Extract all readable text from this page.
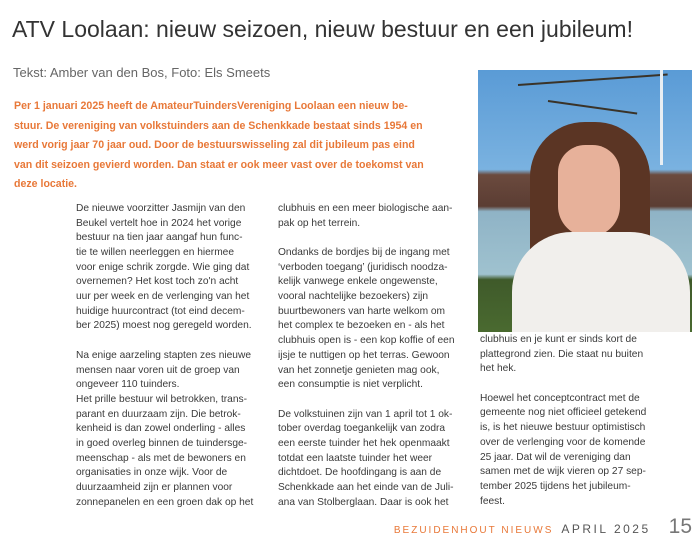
ATV Loolaan: nieuw seizoen, nieuw bestuur en een jubileum!
Tekst: Amber van den Bos, Foto: Els Smeets
Per 1 januari 2025 heeft de AmateurTuindersVereniging Loolaan een nieuw be-
stuur. De vereniging van volkstuinders aan de Schenkkade bestaat sinds 1954 en
werd vorig jaar 70 jaar oud. Door de bestuurswisseling zal dit jubileum pas eind
van dit seizoen gevierd worden. Dan staat er ook meer vast over de toekomst van
deze locatie.
De nieuwe voorzitter Jasmijn van den
Beukel vertelt hoe in 2024 het vorige
bestuur na tien jaar aangaf hun func-
tie te willen neerleggen en hiermee
voor enige schrik zorgde. Wie ging dat
overnemen? Het kost toch zo'n acht
uur per week en de verlenging van het
huidige huurcontract (tot eind decem-
ber 2025) moest nog geregeld worden.
Na enige aarzeling stapten zes nieuwe
mensen naar voren uit de groep van
ongeveer 110 tuinders.
Het prille bestuur wil betrokken, trans-
parant en duurzaam zijn. Die betrok-
kenheid is dan zowel onderling - alles
in goed overleg binnen de tuindersge-
meenschap - als met de bewoners en
organisaties in onze wijk. Voor de
duurzaamheid zijn er plannen voor
zonnepanelen en een groen dak op het
clubhuis en een meer biologische aan-
pak op het terrein.
Ondanks de bordjes bij de ingang met
‘verboden toegang’ (juridisch noodza-
kelijk vanwege enkele ongewenste,
vooral nachtelijke bezoekers) zijn
buurtbewoners van harte welkom om
het complex te bezoeken en - als het
clubhuis open is - een kop koffie of een
ijsje te nuttigen op het terras. Gewoon
van het zonnetje genieten mag ook,
een consumptie is niet verplicht.
De volkstuinen zijn van 1 april tot 1 ok-
tober overdag toegankelijk van zodra
een eerste tuinder het hek openmaakt
totdat een laatste tuinder het weer
dichtdoet. De hoofdingang is aan de
Schenkkade aan het einde van de Juli-
ana van Stolberglaan. Daar is ook het
clubhuis en je kunt er sinds kort de
plattegrond zien. Die staat nu buiten
het hek.
Hoewel het conceptcontract met de
gemeente nog niet officieel getekend
is, is het nieuwe bestuur optimistisch
over de verlenging voor de komende
25 jaar. Dat wil de vereniging dan
samen met de wijk vieren op 27 sep-
tember 2025 tijdens het jubileum-
feest.
BEZUIDENHOUT NIEUWS APRIL 2025 15
